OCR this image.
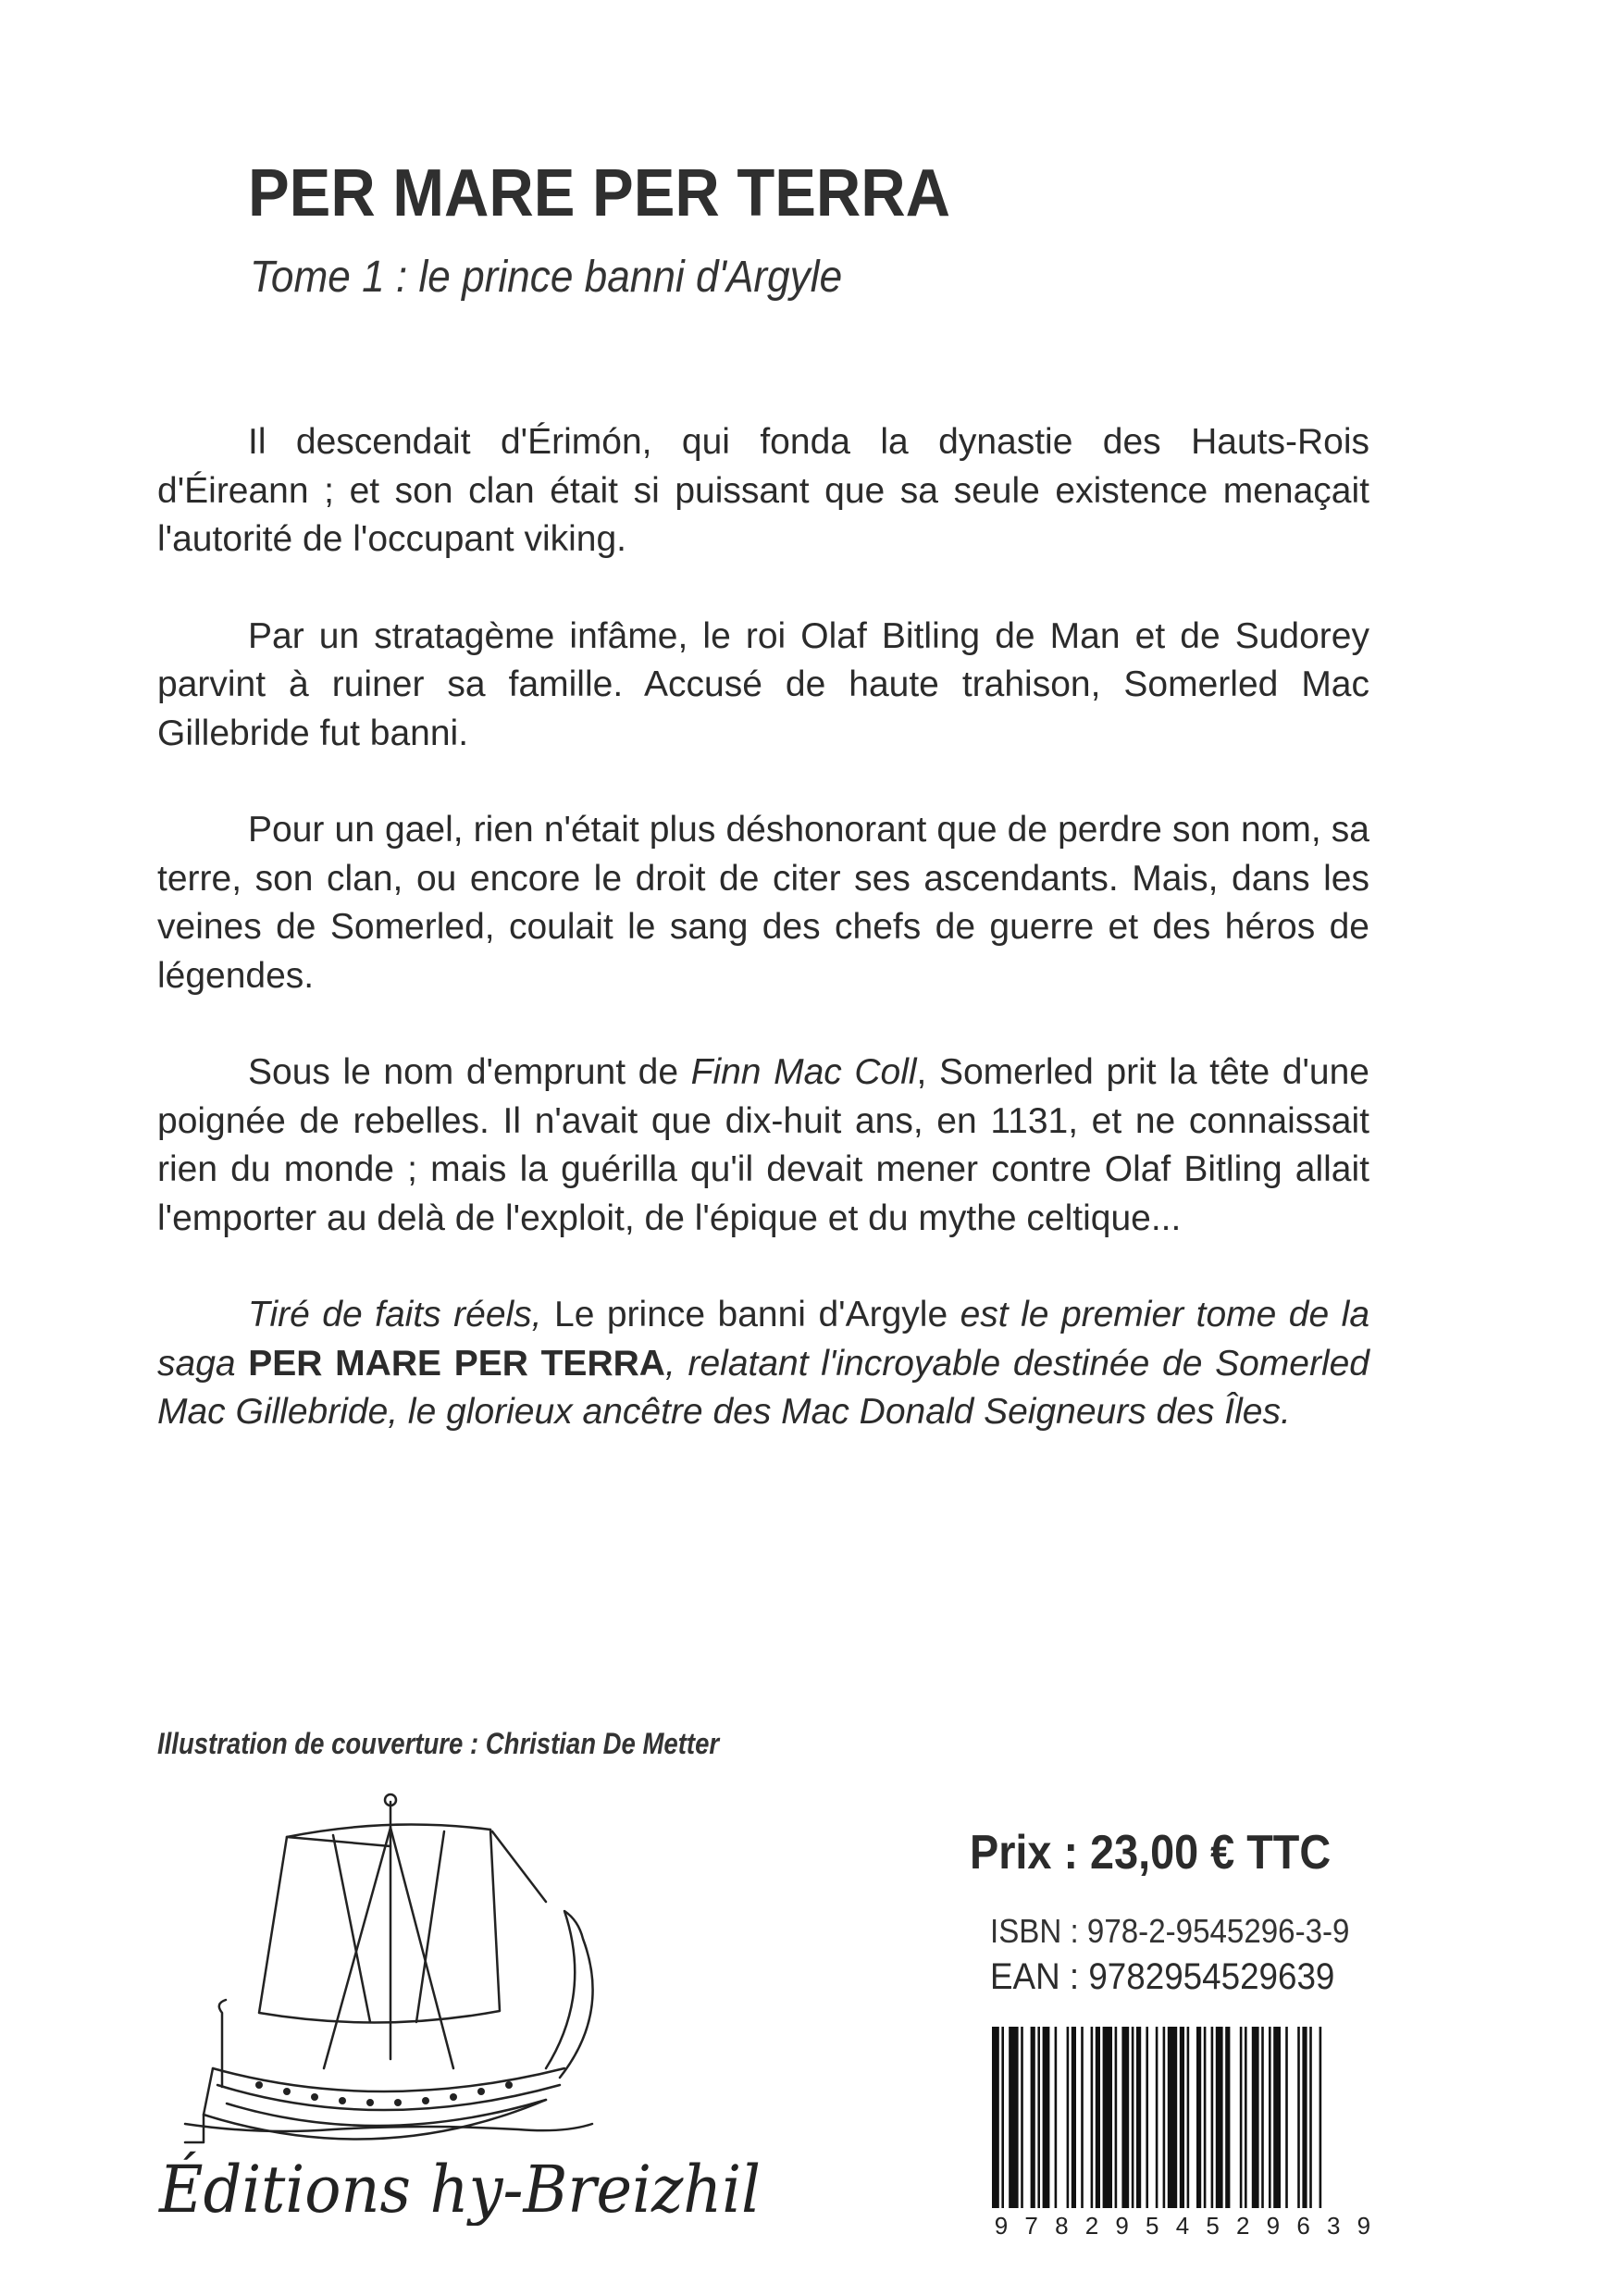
PER MARE PER TERRA
Tome 1 : le prince banni d'Argyle

Il descendait d'Érimón, qui fonda la dynastie des Hauts-Rois d'Éireann ; et son clan était si puissant que sa seule existence menaçait l'autorité de l'occupant viking.

Par un stratagème infâme, le roi Olaf Bitling de Man et de Sudorey parvint à ruiner sa famille. Accusé de haute trahison, Somerled Mac Gillebride fut banni.

Pour un gael, rien n'était plus déshonorant que de perdre son nom, sa terre, son clan, ou encore le droit de citer ses ascendants. Mais, dans les veines de Somerled, coulait le sang des chefs de guerre et des héros de légendes.

Sous le nom d'emprunt de Finn Mac Coll, Somerled prit la tête d'une poignée de rebelles. Il n'avait que dix-huit ans, en 1131, et ne connaissait rien du monde ; mais la guérilla qu'il devait mener contre Olaf Bitling allait l'emporter au delà de l'exploit, de l'épique et du mythe celtique...

Tiré de faits réels, Le prince banni d'Argyle est le premier tome de la saga PER MARE PER TERRA, relatant l'incroyable destinée de Somerled Mac Gillebride, le glorieux ancêtre des Mac Donald Seigneurs des Îles.

Illustration de couverture : Christian De Metter
Éditions hy-Breizhil
Prix : 23,00 € TTC
ISBN : 978-2-9545296-3-9
EAN : 9782954529639
9 7 8 2 9 5 4 5 2 9 6 3 9
